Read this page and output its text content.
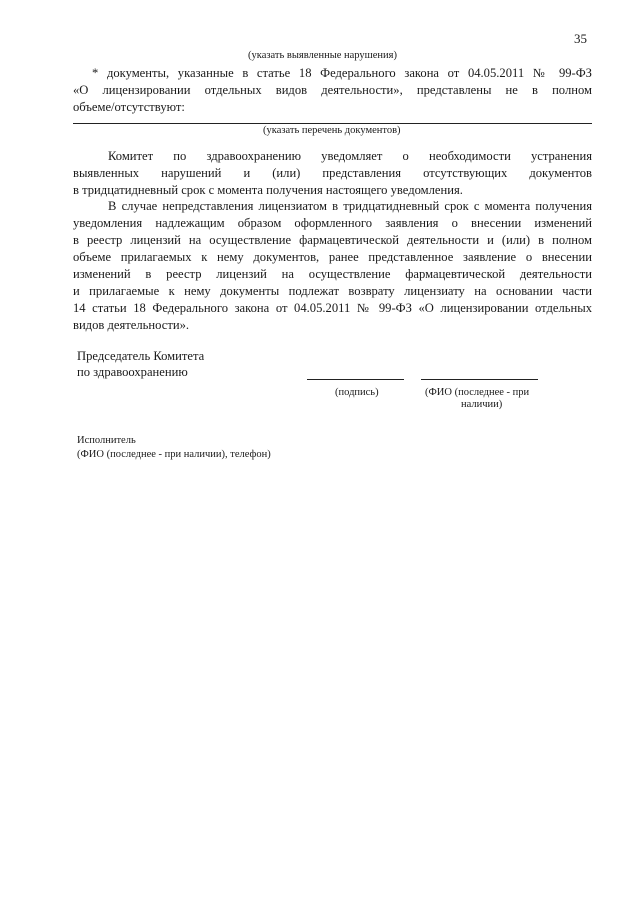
35
(указать выявленные нарушения)
* документы, указанные в статье 18 Федерального закона от 04.05.2011 № 99-ФЗ
«О лицензировании отдельных видов деятельности», представлены не в полном
объеме/отсутствуют:
(указать перечень документов)
Комитет по здравоохранению уведомляет о необходимости устранения
выявленных нарушений и (или) представления отсутствующих документов
в тридцатидневный срок с момента получения настоящего уведомления.
В случае непредставления лицензиатом в тридцатидневный срок с момента получения
уведомления надлежащим образом оформленного заявления о внесении изменений
в реестр лицензий на осуществление фармацевтической деятельности и (или) в полном
объеме прилагаемых к нему документов, ранее представленное заявление о внесении
изменений в реестр лицензий на осуществление фармацевтической деятельности
и прилагаемые к нему документы подлежат возврату лицензиату на основании части
14 статьи 18 Федерального закона от 04.05.2011 № 99-ФЗ «О лицензировании отдельных
видов деятельности».
Председатель Комитета
по здравоохранению
(подпись)	(ФИО (последнее - при
наличии)
Исполнитель
(ФИО (последнее - при наличии), телефон)
